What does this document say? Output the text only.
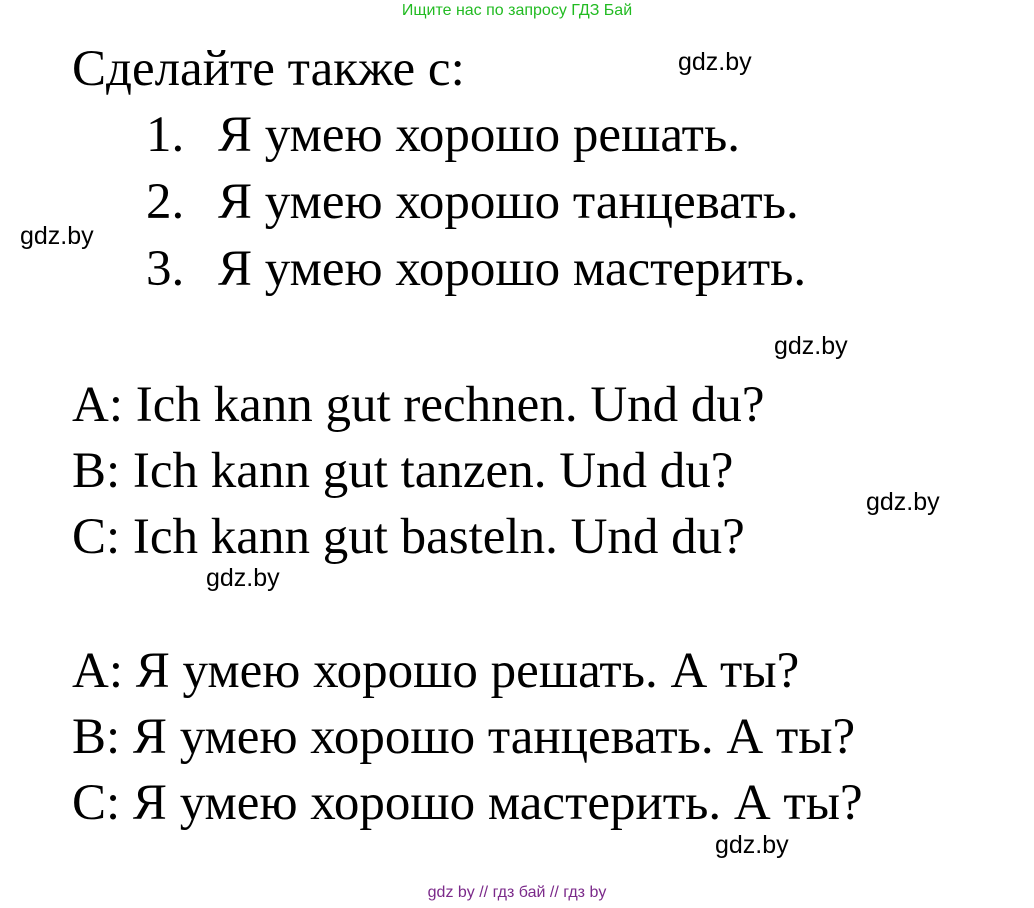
Ищите нас по запросу ГДЗ Бай
Сделайте также с:
1. Я умею хорошо решать.
2. Я умею хорошо танцевать.
3. Я умею хорошо мастерить.
A: Ich kann gut rechnen. Und du?
B: Ich kann gut tanzen. Und du?
C: Ich kann gut basteln. Und du?
A: Я умею хорошо решать. А ты?
B: Я умею хорошо танцевать. А ты?
C: Я умею хорошо мастерить. А ты?
gdz.by
gdz.by
gdz.by
gdz.by
gdz.by
gdz.by
gdz by // гдз бай // гдз by
